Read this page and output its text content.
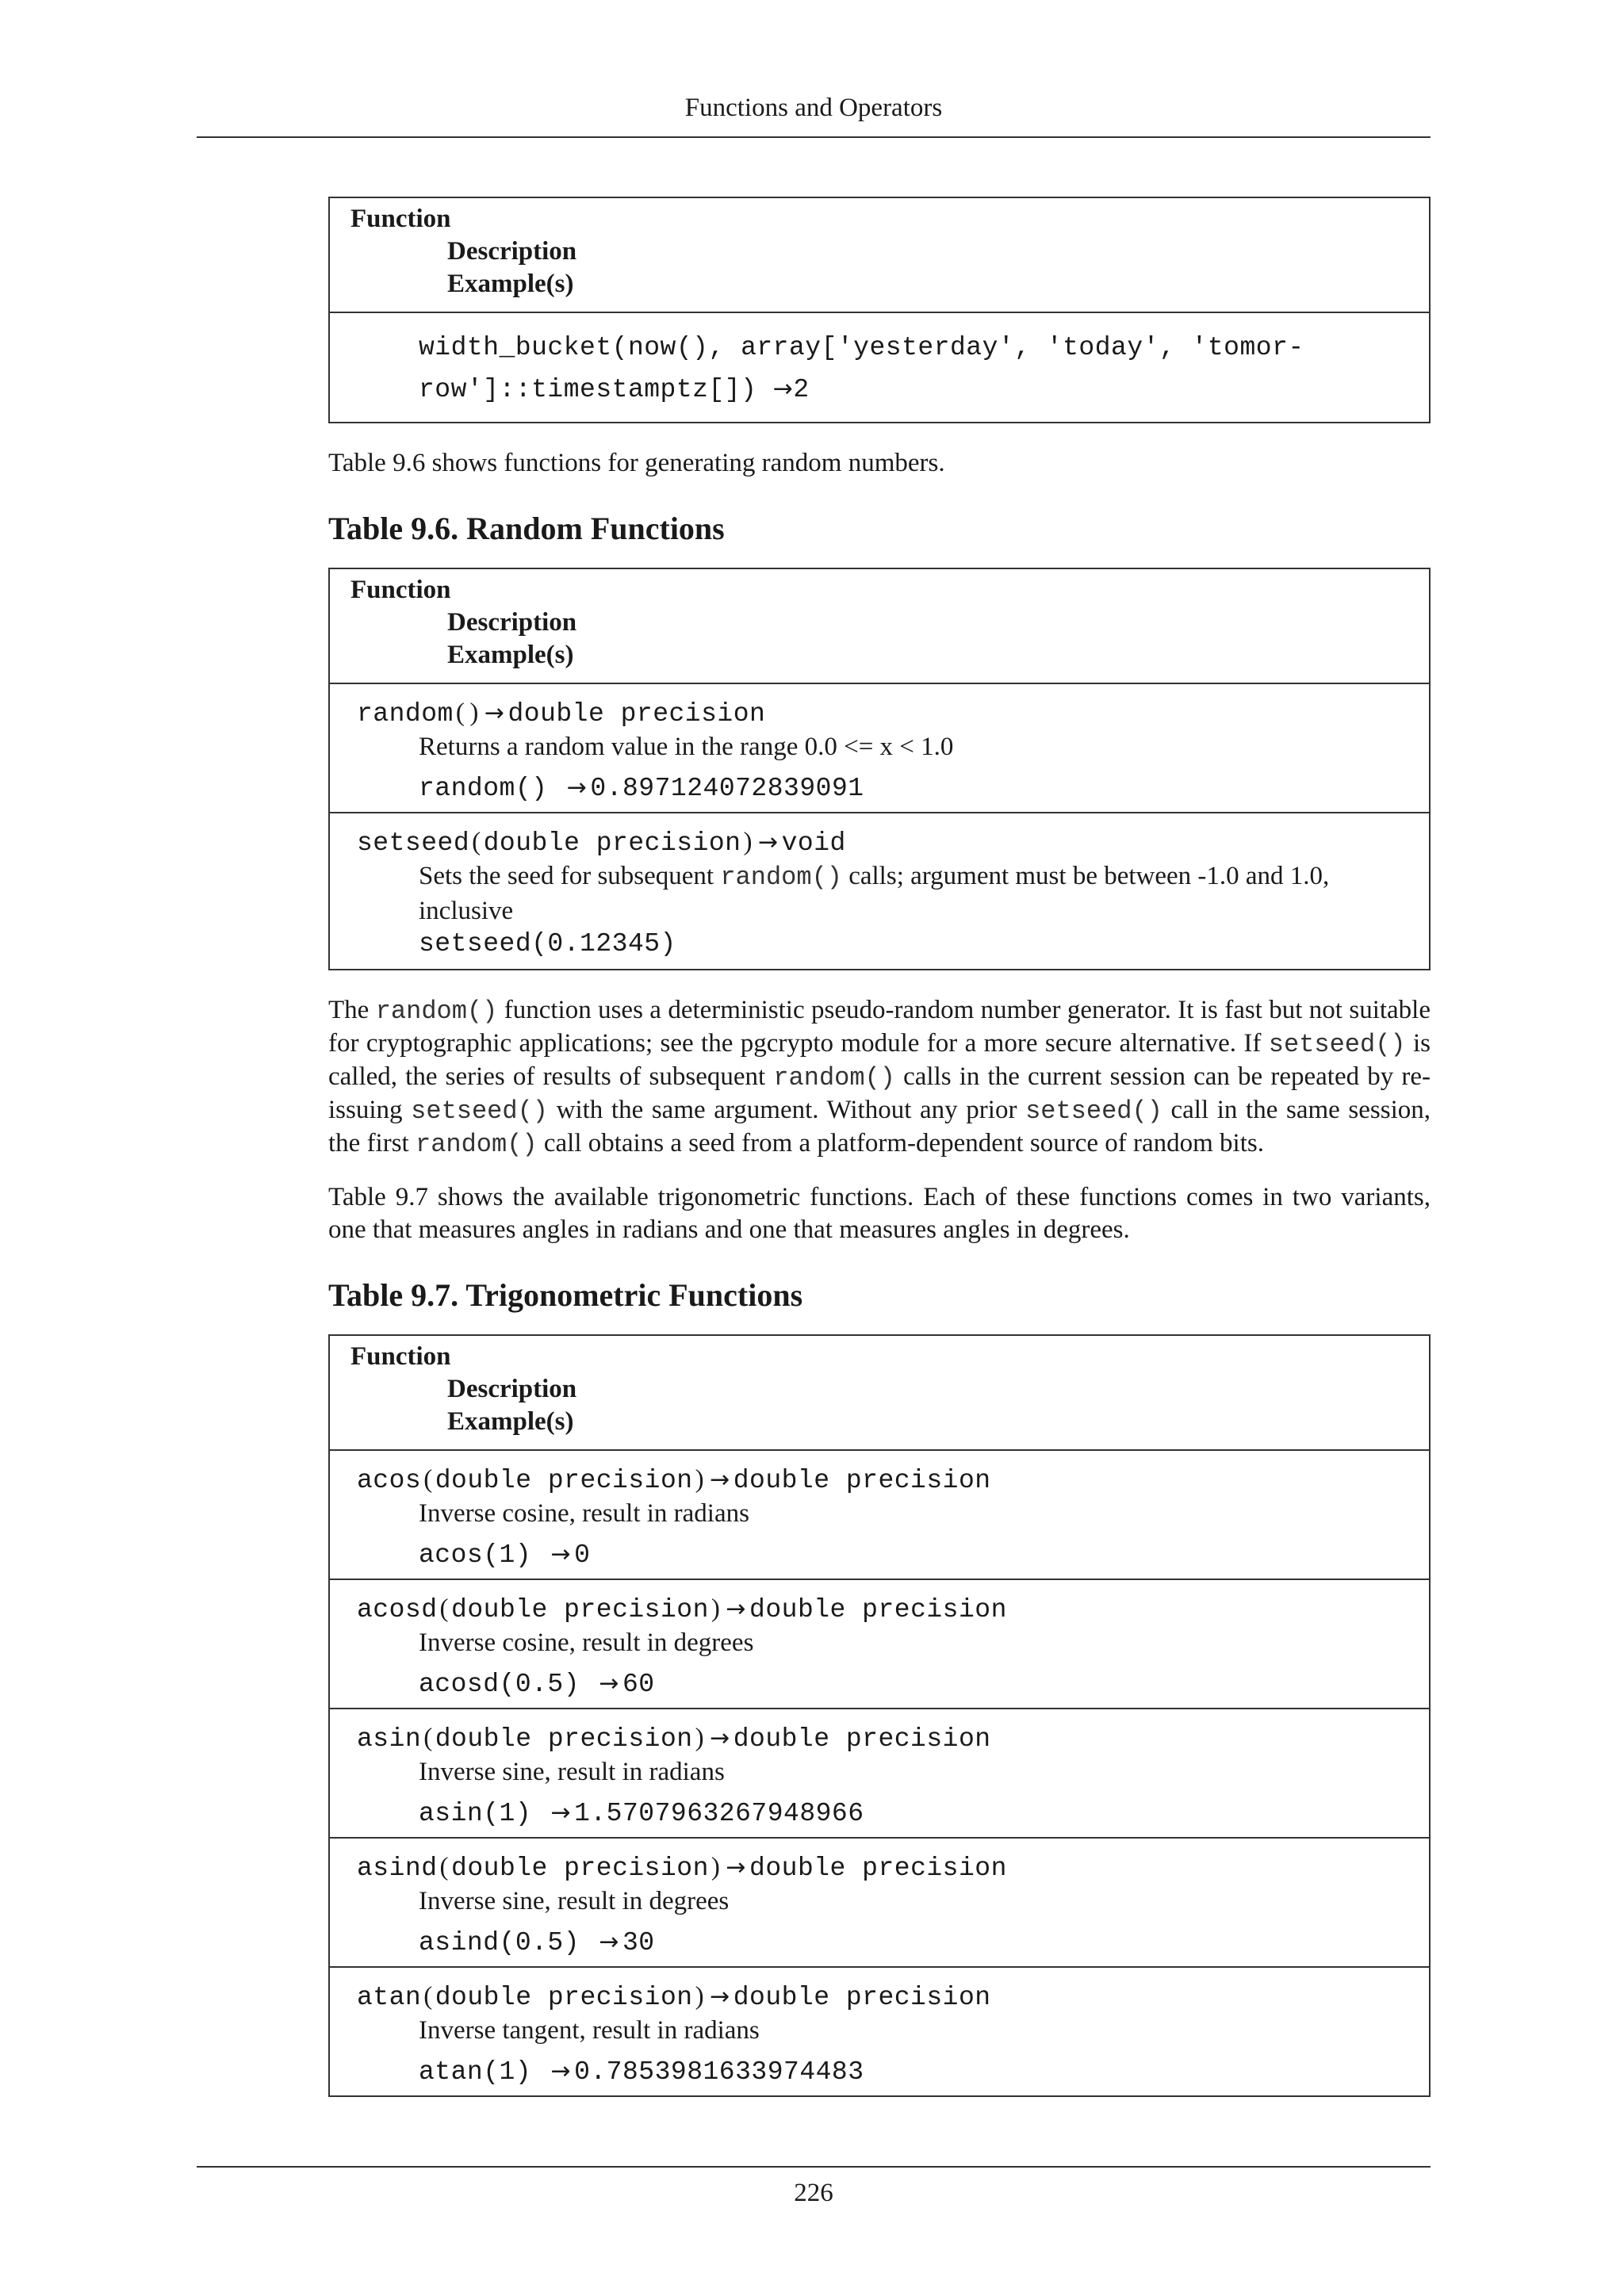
Functions and Operators
Function
Description
Example(s)
width_bucket(now(), array['yesterday', 'today', 'tomor-
row']::timestamptz[]) →2

Table 9.6 shows functions for generating random numbers.

Table 9.6. Random Functions
Function
Description
Example(s)
random( ) → double precision
Returns a random value in the range 0.0 <= x < 1.0
random() → 0.897124072839091
setseed(double precision) → void
Sets the seed for subsequent random() calls; argument must be between -1.0 and 1.0, inclusive
setseed(0.12345)

The random() function uses a deterministic pseudo-random number generator. It is fast but not suitable for cryptographic applications; see the pgcrypto module for a more secure alternative. If setseed() is called, the series of results of subsequent random() calls in the current session can be repeated by re-issuing setseed() with the same argument. Without any prior setseed() call in the same session, the first random() call obtains a seed from a platform-dependent source of random bits.

Table 9.7 shows the available trigonometric functions. Each of these functions comes in two variants, one that measures angles in radians and one that measures angles in degrees.

Table 9.7. Trigonometric Functions
Function
Description
Example(s)
acos(double precision) → double precision
Inverse cosine, result in radians
acos(1) → 0
acosd(double precision) → double precision
Inverse cosine, result in degrees
acosd(0.5) → 60
asin(double precision) → double precision
Inverse sine, result in radians
asin(1) → 1.5707963267948966
asind(double precision) → double precision
Inverse sine, result in degrees
asind(0.5) → 30
atan(double precision) → double precision
Inverse tangent, result in radians
atan(1) → 0.7853981633974483
226
